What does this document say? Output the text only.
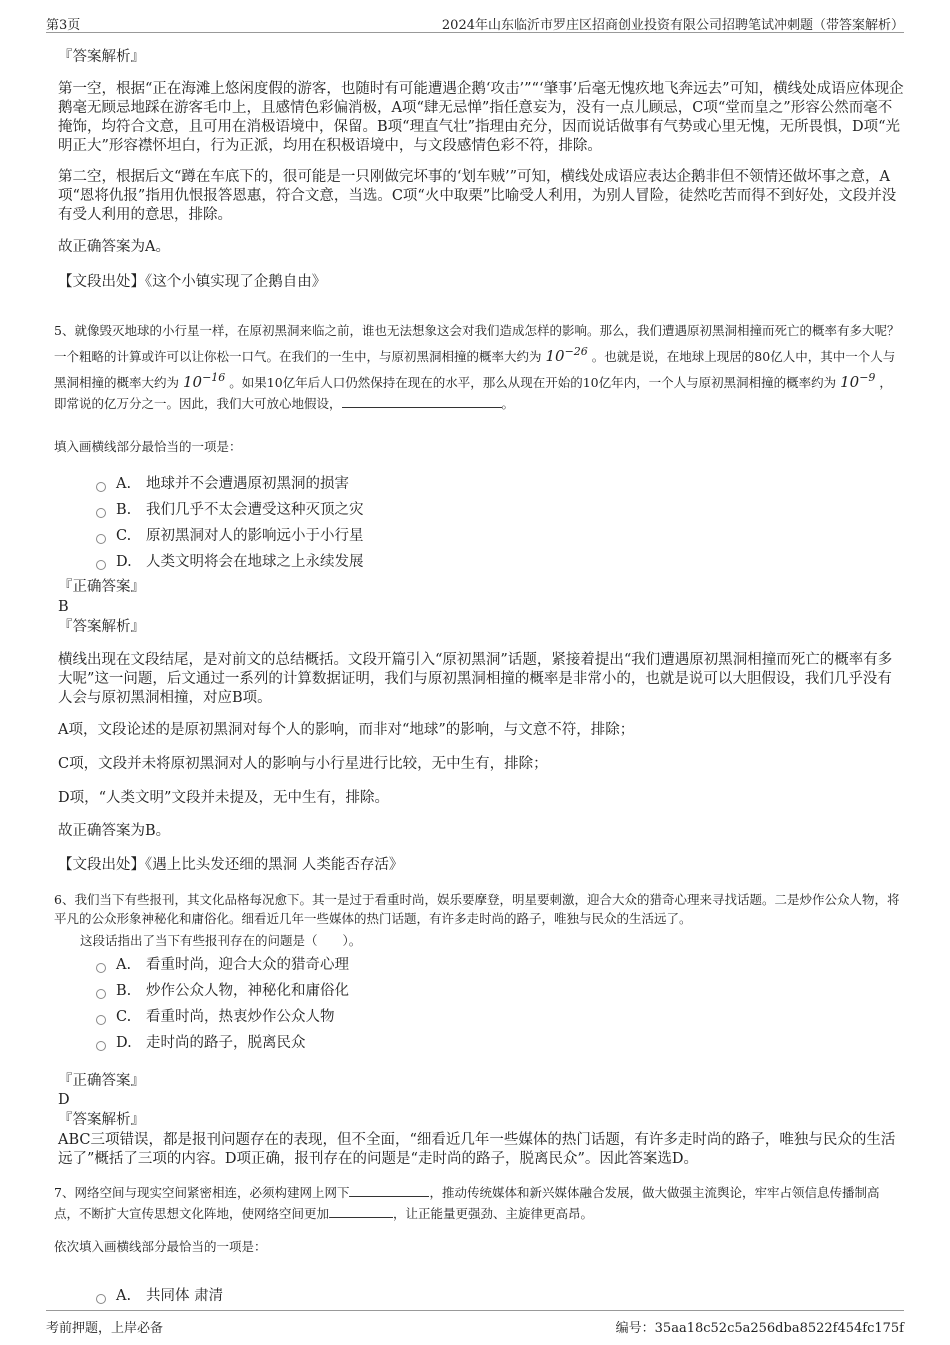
第3页	2024年山东临沂市罗庄区招商创业投资有限公司招聘笔试冲刺题（带答案解析）
『答案解析』
第一空，根据“正在海滩上悠闲度假的游客，也随时有可能遭遇企鹅‘攻击’”“‘肇事’后毫无愧疚地飞奔远去”可知，横线处成语应体现企鹅毫无顾忌地踩在游客毛巾上，且感情色彩偏消极，A项“肆无忌惮”指任意妄为，没有一点儿顾忌，C项“堂而皇之”形容公然而毫不掩饰，均符合文意，且可用在消极语境中，保留。B项“理直气壮”指理由充分，因而说话做事有气势或心里无愧，无所畏惧，D项“光明正大”形容襟怀坦白，行为正派，均用在积极语境中，与文段感情色彩不符，排除。
第二空，根据后文“蹲在车底下的，很可能是一只刚做完坏事的‘划车贼’”可知，横线处成语应表达企鹅非但不领情还做坏事之意，A项“恩将仇报”指用仇恨报答恩惠，符合文意，当选。C项“火中取栗”比喻受人利用，为别人冒险，徒然吃苦而得不到好处，文段并没有受人利用的意思，排除。
故正确答案为A。
【文段出处】《这个小镇实现了企鹅自由》
5、就像毁灭地球的小行星一样，在原初黑洞来临之前，谁也无法想象这会对我们造成怎样的影响。那么，我们遭遇原初黑洞相撞而死亡的概率有多大呢？一个粗略的计算或许可以让你松一口气。在我们的一生中，与原初黑洞相撞的概率大约为 $10^{-26}$ 。也就是说，在地球上现居的80亿人中，其中一个人与黑洞相撞的概率大约为 $10^{-16}$ 。如果10亿年后人口仍然保持在现在的水平，那么从现在开始的10亿年内，一个人与原初黑洞相撞的概率约为 $10^{-9}$ ，即常说的亿万分之一。因此，我们大可放心地假设，	。
填入画横线部分最恰当的一项是：
A. 地球并不会遭遇原初黑洞的损害
B. 我们几乎不太会遭受这种灭顶之灾
C. 原初黑洞对人的影响远小于小行星
D. 人类文明将会在地球之上永续发展
『正确答案』
B
『答案解析』
横线出现在文段结尾，是对前文的总结概括。文段开篇引入“原初黑洞”话题，紧接着提出“我们遭遇原初黑洞相撞而死亡的概率有多大呢”这一问题，后文通过一系列的计算数据证明，我们与原初黑洞相撞的概率是非常小的，也就是说可以大胆假设，我们几乎没有人会与原初黑洞相撞，对应B项。
A项，文段论述的是原初黑洞对每个人的影响，而非对“地球”的影响，与文意不符，排除；
C项，文段并未将原初黑洞对人的影响与小行星进行比较，无中生有，排除；
D项，“人类文明”文段并未提及，无中生有，排除。
故正确答案为B。
【文段出处】《遇上比头发还细的黑洞 人类能否存活》
6、我们当下有些报刊，其文化品格每况愈下。其一是过于看重时尚，娱乐要摩登，明星要刺激，迎合大众的猎奇心理来寻找话题。二是炒作公众人物，将平凡的公众形象神秘化和庸俗化。细看近几年一些媒体的热门话题，有许多走时尚的路子，唯独与民众的生活远了。
这段话指出了当下有些报刊存在的问题是（　　）。
A. 看重时尚，迎合大众的猎奇心理
B. 炒作公众人物，神秘化和庸俗化
C. 看重时尚，热衷炒作公众人物
D. 走时尚的路子，脱离民众
『正确答案』
D
『答案解析』
ABC三项错误，都是报刊问题存在的表现，但不全面，“细看近几年一些媒体的热门话题，有许多走时尚的路子，唯独与民众的生活远了”概括了三项的内容。D项正确，报刊存在的问题是“走时尚的路子，脱离民众”。因此答案选D。
7、网络空间与现实空间紧密相连，必须构建网上网下	，推动传统媒体和新兴媒体融合发展，做大做强主流舆论，牢牢占领信息传播制高点，不断扩大宣传思想文化阵地，使网络空间更加	，让正能量更强劲、主旋律更高昂。
依次填入画横线部分最恰当的一项是：
A. 共同体 肃清
考前押题，上岸必备	编号：35aa18c52c5a256dba8522f454fc175f
